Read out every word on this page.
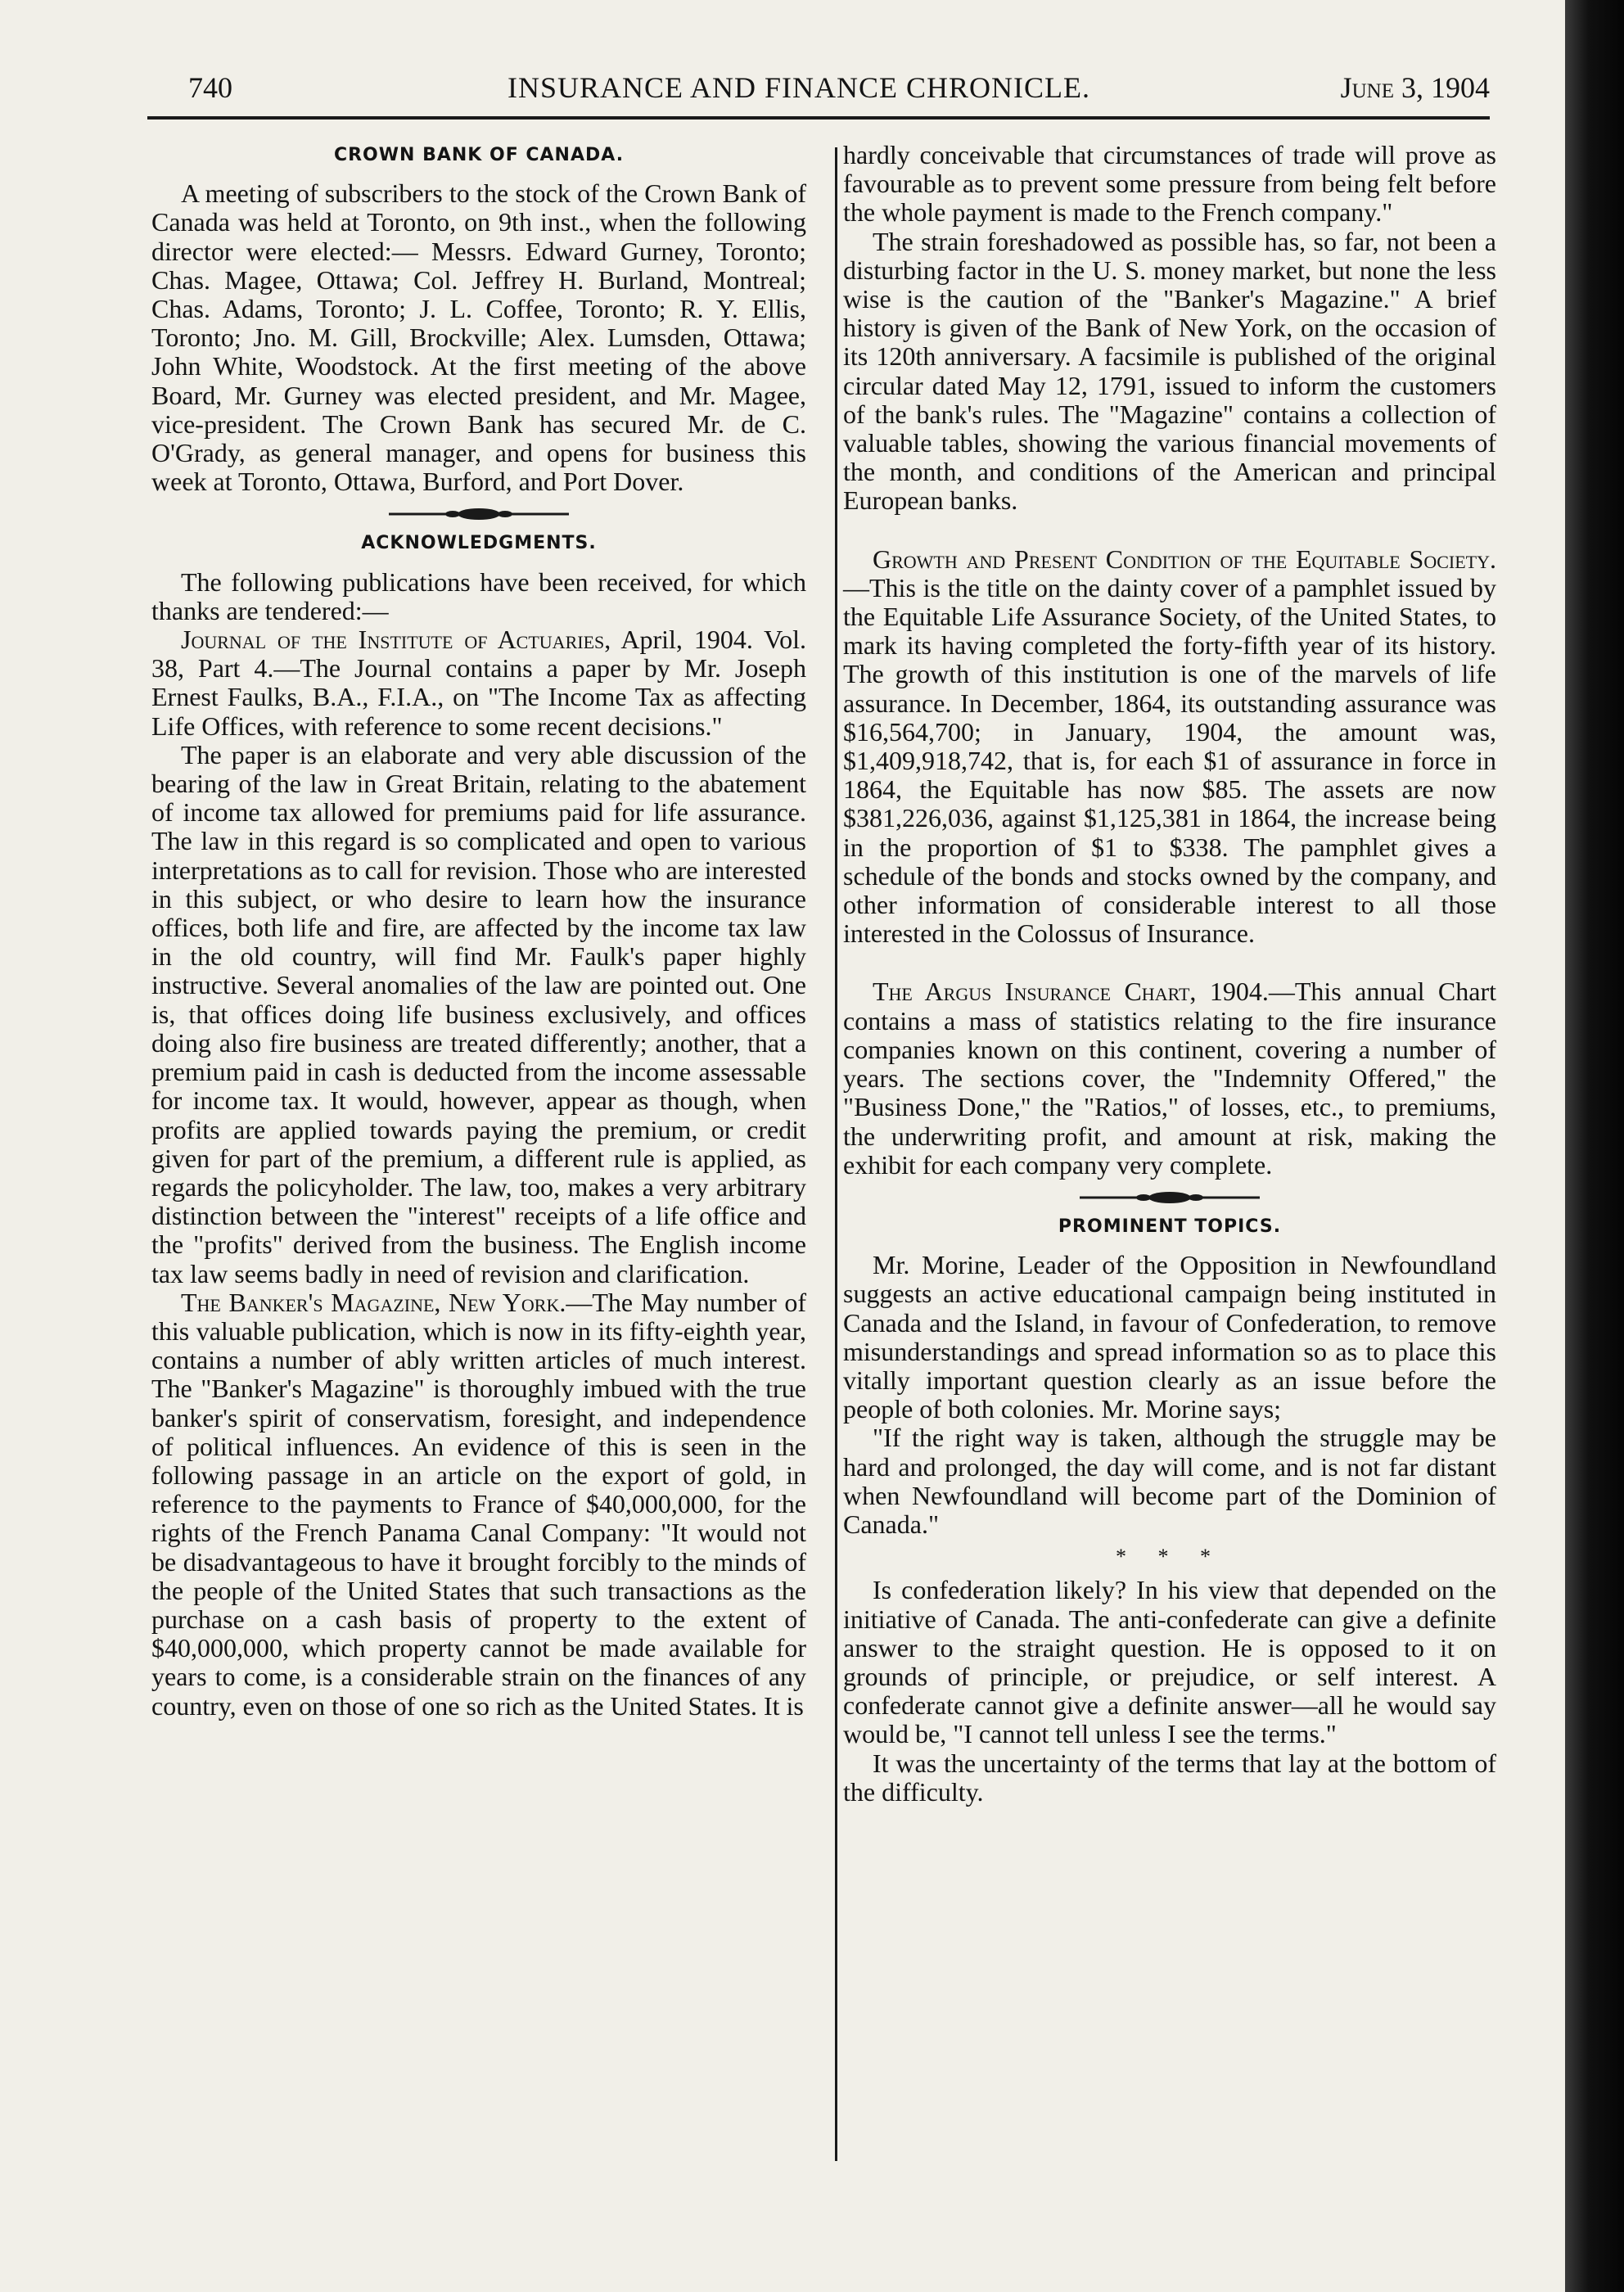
740	INSURANCE AND FINANCE CHRONICLE.	June 3, 1904
CROWN BANK OF CANADA.

A meeting of subscribers to the stock of the Crown Bank of Canada was held at Toronto, on 9th inst., when the following director were elected:— Messrs. Edward Gurney, Toronto; Chas. Magee, Ottawa; Col. Jeffrey H. Burland, Montreal; Chas. Adams, Toronto; J. L. Coffee, Toronto; R. Y. Ellis, Toronto; Jno. M. Gill, Brockville; Alex. Lumsden, Ottawa; John White, Woodstock. At the first meeting of the above Board, Mr. Gurney was elected president, and Mr. Magee, vice-president. The Crown Bank has secured Mr. de C. O'Grady, as general manager, and opens for business this week at Toronto, Ottawa, Burford, and Port Dover.

ACKNOWLEDGMENTS.

The following publications have been received, for which thanks are tendered:—

Journal of the Institute of Actuaries, April, 1904. Vol. 38, Part 4.—The Journal contains a paper by Mr. Joseph Ernest Faulks, B.A., F.I.A., on "The Income Tax as affecting Life Offices, with reference to some recent decisions."

The paper is an elaborate and very able discussion of the bearing of the law in Great Britain, relating to the abatement of income tax allowed for premiums paid for life assurance. The law in this regard is so complicated and open to various interpretations as to call for revision. Those who are interested in this subject, or who desire to learn how the insurance offices, both life and fire, are affected by the income tax law in the old country, will find Mr. Faulk's paper highly instructive. Several anomalies of the law are pointed out. One is, that offices doing life business exclusively, and offices doing also fire business are treated differently; another, that a premium paid in cash is deducted from the income assessable for income tax. It would, however, appear as though, when profits are applied towards paying the premium, or credit given for part of the premium, a different rule is applied, as regards the policyholder. The law, too, makes a very arbitrary distinction between the "interest" receipts of a life office and the "profits" derived from the business. The English income tax law seems badly in need of revision and clarification.

The Banker's Magazine, New York.—The May number of this valuable publication, which is now in its fifty-eighth year, contains a number of ably written articles of much interest. The "Banker's Magazine" is thoroughly imbued with the true banker's spirit of conservatism, foresight, and independence of political influences. An evidence of this is seen in the following passage in an article on the export of gold, in reference to the payments to France of $40,000,000, for the rights of the French Panama Canal Company: "It would not be disadvantageous to have it brought forcibly to the minds of the people of the United States that such transactions as the purchase on a cash basis of property to the extent of $40,000,000, which property cannot be made available for years to come, is a considerable strain on the finances of any country, even on those of one so rich as the United States. It is

hardly conceivable that circumstances of trade will prove as favourable as to prevent some pressure from being felt before the whole payment is made to the French company."

The strain foreshadowed as possible has, so far, not been a disturbing factor in the U. S. money market, but none the less wise is the caution of the "Banker's Magazine." A brief history is given of the Bank of New York, on the occasion of its 120th anniversary. A facsimile is published of the original circular dated May 12, 1791, issued to inform the customers of the bank's rules. The "Magazine" contains a collection of valuable tables, showing the various financial movements of the month, and conditions of the American and principal European banks.

Growth and Present Condition of the Equitable Society.—This is the title on the dainty cover of a pamphlet issued by the Equitable Life Assurance Society, of the United States, to mark its having completed the forty-fifth year of its history. The growth of this institution is one of the marvels of life assurance. In December, 1864, its outstanding assurance was $16,564,700; in January, 1904, the amount was, $1,409,918,742, that is, for each $1 of assurance in force in 1864, the Equitable has now $85. The assets are now $381,226,036, against $1,125,381 in 1864, the increase being in the proportion of $1 to $338. The pamphlet gives a schedule of the bonds and stocks owned by the company, and other information of considerable interest to all those interested in the Colossus of Insurance.

The Argus Insurance Chart, 1904.—This annual Chart contains a mass of statistics relating to the fire insurance companies known on this continent, covering a number of years. The sections cover, the "Indemnity Offered," the "Business Done," the "Ratios," of losses, etc., to premiums, the underwriting profit, and amount at risk, making the exhibit for each company very complete.

PROMINENT TOPICS.

Mr. Morine, Leader of the Opposition in Newfoundland suggests an active educational campaign being instituted in Canada and the Island, in favour of Confederation, to remove misunderstandings and spread information so as to place this vitally important question clearly as an issue before the people of both colonies. Mr. Morine says;

"If the right way is taken, although the struggle may be hard and prolonged, the day will come, and is not far distant when Newfoundland will become part of the Dominion of Canada."

* * *

Is confederation likely? In his view that depended on the initiative of Canada. The anti-confederate can give a definite answer to the straight question. He is opposed to it on grounds of principle, or prejudice, or self interest. A confederate cannot give a definite answer—all he would say would be, "I cannot tell unless I see the terms."

It was the uncertainty of the terms that lay at the bottom of the difficulty.
